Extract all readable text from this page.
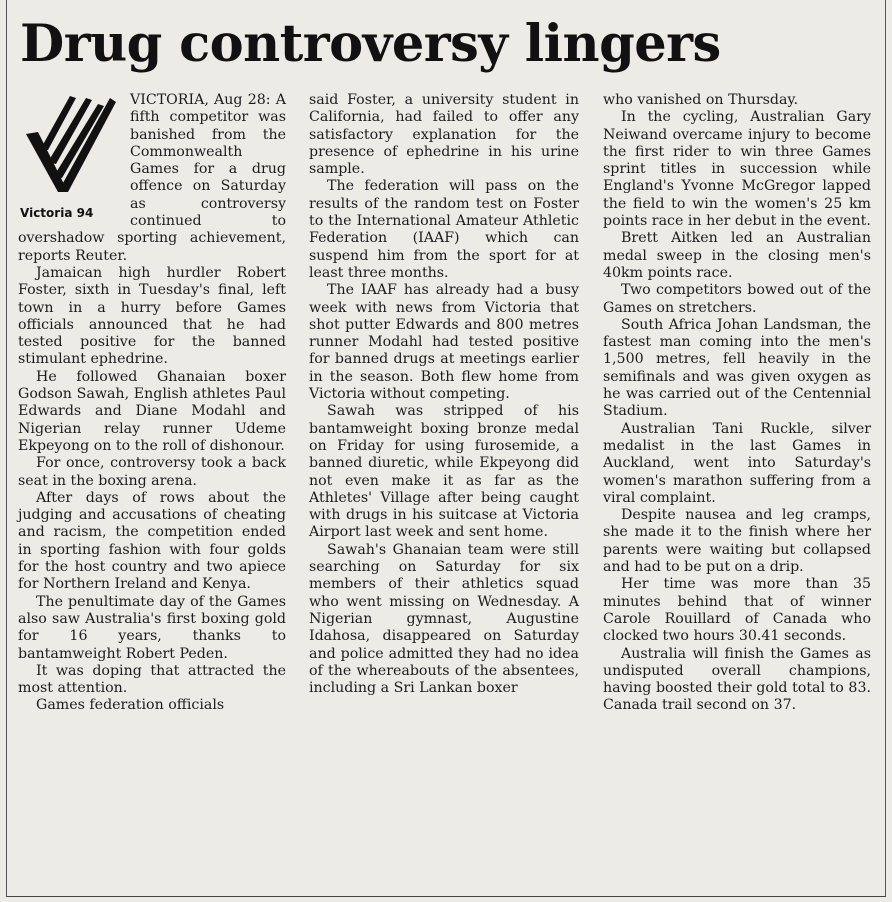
Drug controversy lingers
Victoria 94

VICTORIA, Aug 28: A fifth competitor was banished from the Commonwealth Games for a drug offence on Saturday as controversy continued to overshadow sporting achievement, reports Reuter.

Jamaican high hurdler Robert Foster, sixth in Tuesday's final, left town in a hurry before Games officials announced that he had tested positive for the banned stimulant ephedrine.

He followed Ghanaian boxer Godson Sawah, English athletes Paul Edwards and Diane Modahl and Nigerian relay runner Udeme Ekpeyong on to the roll of dishonour.

For once, controversy took a back seat in the boxing arena.

After days of rows about the judging and accusations of cheating and racism, the competition ended in sporting fashion with four golds for the host country and two apiece for Northern Ireland and Kenya.

The penultimate day of the Games also saw Australia's first boxing gold for 16 years, thanks to bantamweight Robert Peden.

It was doping that attracted the most attention.

Games federation officials

said Foster, a university student in California, had failed to offer any satisfactory explanation for the presence of ephedrine in his urine sample.

The federation will pass on the results of the random test on Foster to the International Amateur Athletic Federation (IAAF) which can suspend him from the sport for at least three months.

The IAAF has already had a busy week with news from Victoria that shot putter Edwards and 800 metres runner Modahl had tested positive for banned drugs at meetings earlier in the season. Both flew home from Victoria without competing.

Sawah was stripped of his bantamweight boxing bronze medal on Friday for using furosemide, a banned diuretic, while Ekpeyong did not even make it as far as the Athletes' Village after being caught with drugs in his suitcase at Victoria Airport last week and sent home.

Sawah's Ghanaian team were still searching on Saturday for six members of their athletics squad who went missing on Wednesday. A Nigerian gymnast, Augustine Idahosa, disappeared on Saturday and police admitted they had no idea of the whereabouts of the absentees, including a Sri Lankan boxer

who vanished on Thursday.

In the cycling, Australian Gary Neiwand overcame injury to become the first rider to win three Games sprint titles in succession while England's Yvonne McGregor lapped the field to win the women's 25 km points race in her debut in the event.

Brett Aitken led an Australian medal sweep in the closing men's 40km points race.

Two competitors bowed out of the Games on stretchers.

South Africa Johan Landsman, the fastest man coming into the men's 1,500 metres, fell heavily in the semifinals and was given oxygen as he was carried out of the Centennial Stadium.

Australian Tani Ruckle, silver medalist in the last Games in Auckland, went into Saturday's women's marathon suffering from a viral complaint.

Despite nausea and leg cramps, she made it to the finish where her parents were waiting but collapsed and had to be put on a drip.

Her time was more than 35 minutes behind that of winner Carole Rouillard of Canada who clocked two hours 30.41 seconds.

Australia will finish the Games as undisputed overall champions, having boosted their gold total to 83. Canada trail second on 37.
